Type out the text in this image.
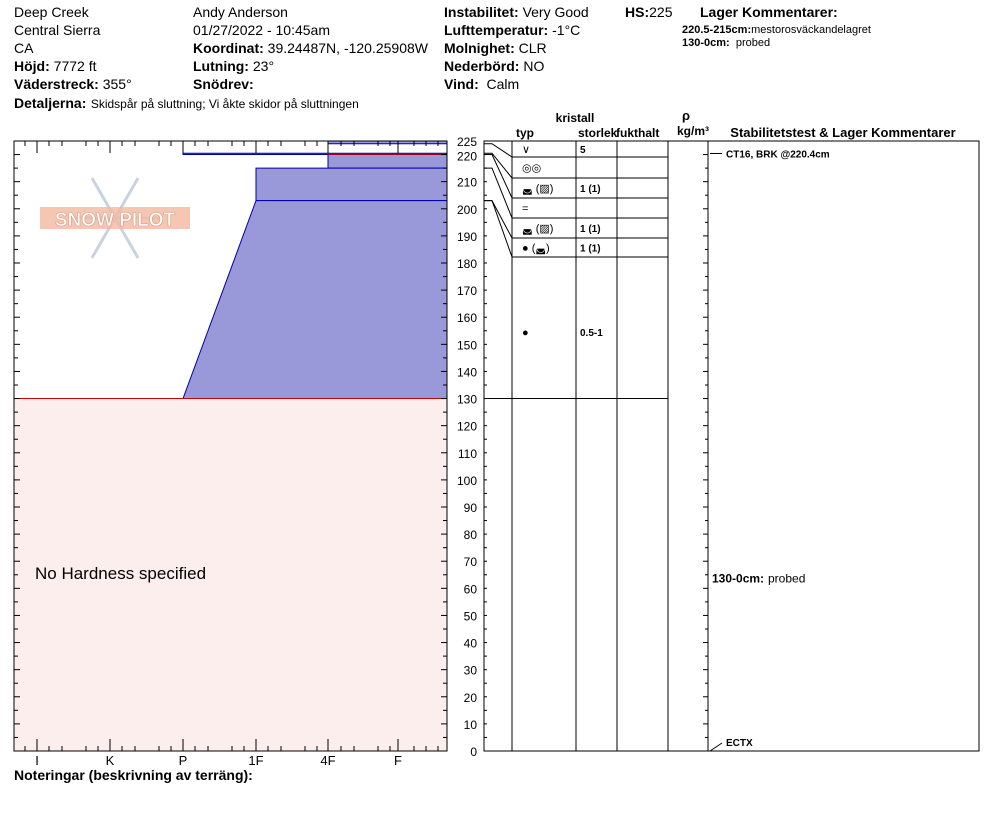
Deep Creek
Central Sierra
CA
Höjd: 7772 ft
Väderstreck: 355°
Detaljerna: Skidspår på sluttning; Vi åkte skidor på sluttningen
Andy Anderson
01/27/2022 - 10:45am
Koordinat: 39.24487N, -120.25908W
Lutning: 23°
Snödrev:
Instabilitet: Very Good
Lufttemperatur: -1°C
Molnighet: CLR
Nederbörd: NO
Vind: Calm
HS:225 Lager Kommentarer:
220.5-215cm:mestorosväckandelagret
130-0cm: probed
Noteringar (beskrivning av terräng):
SNOW PILOT
No Hardness specified
I	K	P	1F	4F	F
0
10
20
30
40
50
60
70
80
90
100
110
120
130
140
150
160
170
180
190
200
210
220
225
kristall
typ	storlek
fukthalt
ρ
kg/m³ Stabilitetstest & Lager Kommentarer
∨	5
◎◎
◛ (▨)	1 (1)
=
◛ (▨)	1 (1)
● (◛)	1 (1)
●	0.5-1
CT16, BRK @220.4cm
ECTX
130-0cm: probed
